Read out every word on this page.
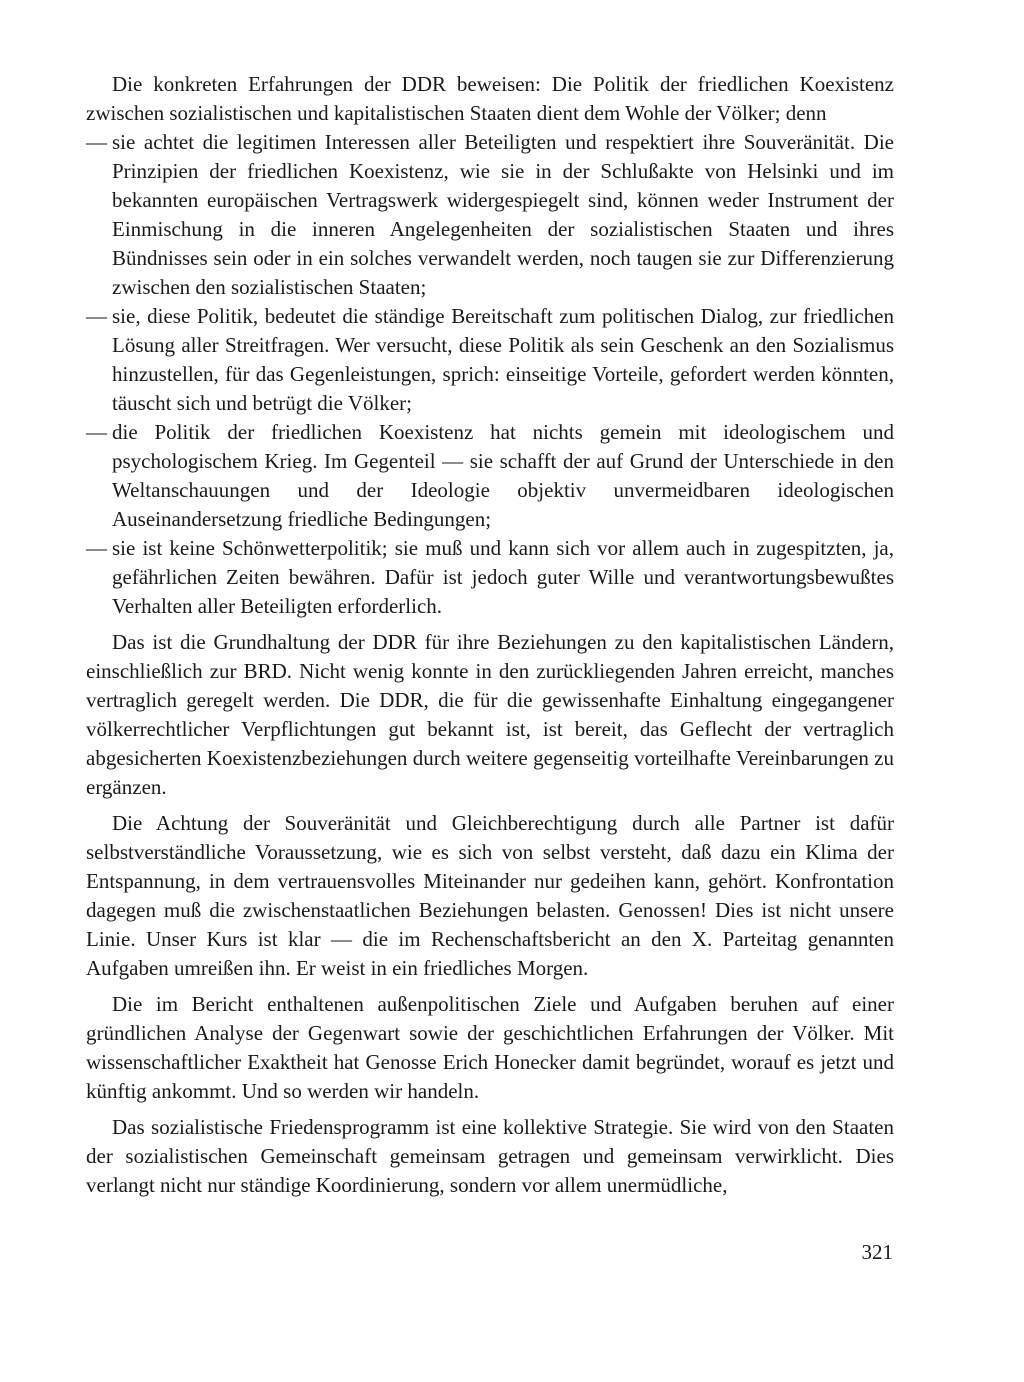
Die konkreten Erfahrungen der DDR beweisen: Die Politik der friedlichen Koexistenz zwischen sozialistischen und kapitalistischen Staaten dient dem Wohle der Völker; denn

— sie achtet die legitimen Interessen aller Beteiligten und respektiert ihre Souveränität. Die Prinzipien der friedlichen Koexistenz, wie sie in der Schlußakte von Helsinki und im bekannten europäischen Vertragswerk widergespiegelt sind, können weder Instrument der Einmischung in die inneren Angelegenheiten der sozialistischen Staaten und ihres Bündnisses sein oder in ein solches verwandelt werden, noch taugen sie zur Differenzierung zwischen den sozialistischen Staaten;
— sie, diese Politik, bedeutet die ständige Bereitschaft zum politischen Dialog, zur friedlichen Lösung aller Streitfragen. Wer versucht, diese Politik als sein Geschenk an den Sozialismus hinzustellen, für das Gegenleistungen, sprich: einseitige Vorteile, gefordert werden könnten, täuscht sich und betrügt die Völker;
— die Politik der friedlichen Koexistenz hat nichts gemein mit ideologischem und psychologischem Krieg. Im Gegenteil — sie schafft der auf Grund der Unterschiede in den Weltanschauungen und der Ideologie objektiv unvermeidbaren ideologischen Auseinandersetzung friedliche Bedingungen;
— sie ist keine Schönwetterpolitik; sie muß und kann sich vor allem auch in zugespitzten, ja, gefährlichen Zeiten bewähren. Dafür ist jedoch guter Wille und verantwortungsbewußtes Verhalten aller Beteiligten erforderlich.

Das ist die Grundhaltung der DDR für ihre Beziehungen zu den kapitalistischen Ländern, einschließlich zur BRD. Nicht wenig konnte in den zurückliegenden Jahren erreicht, manches vertraglich geregelt werden. Die DDR, die für die gewissenhafte Einhaltung eingegangener völkerrechtlicher Verpflichtungen gut bekannt ist, ist bereit, das Geflecht der vertraglich abgesicherten Koexistenzbeziehungen durch weitere gegenseitig vorteilhafte Vereinbarungen zu ergänzen.

Die Achtung der Souveränität und Gleichberechtigung durch alle Partner ist dafür selbstverständliche Voraussetzung, wie es sich von selbst versteht, daß dazu ein Klima der Entspannung, in dem vertrauensvolles Miteinander nur gedeihen kann, gehört. Konfrontation dagegen muß die zwischenstaatlichen Beziehungen belasten. Genossen! Dies ist nicht unsere Linie. Unser Kurs ist klar — die im Rechenschaftsbericht an den X. Parteitag genannten Aufgaben umreißen ihn. Er weist in ein friedliches Morgen.

Die im Bericht enthaltenen außenpolitischen Ziele und Aufgaben beruhen auf einer gründlichen Analyse der Gegenwart sowie der geschichtlichen Erfahrungen der Völker. Mit wissenschaftlicher Exaktheit hat Genosse Erich Honecker damit begründet, worauf es jetzt und künftig ankommt. Und so werden wir handeln.

Das sozialistische Friedensprogramm ist eine kollektive Strategie. Sie wird von den Staaten der sozialistischen Gemeinschaft gemeinsam getragen und gemeinsam verwirklicht. Dies verlangt nicht nur ständige Koordinierung, sondern vor allem unermüdliche,

321
